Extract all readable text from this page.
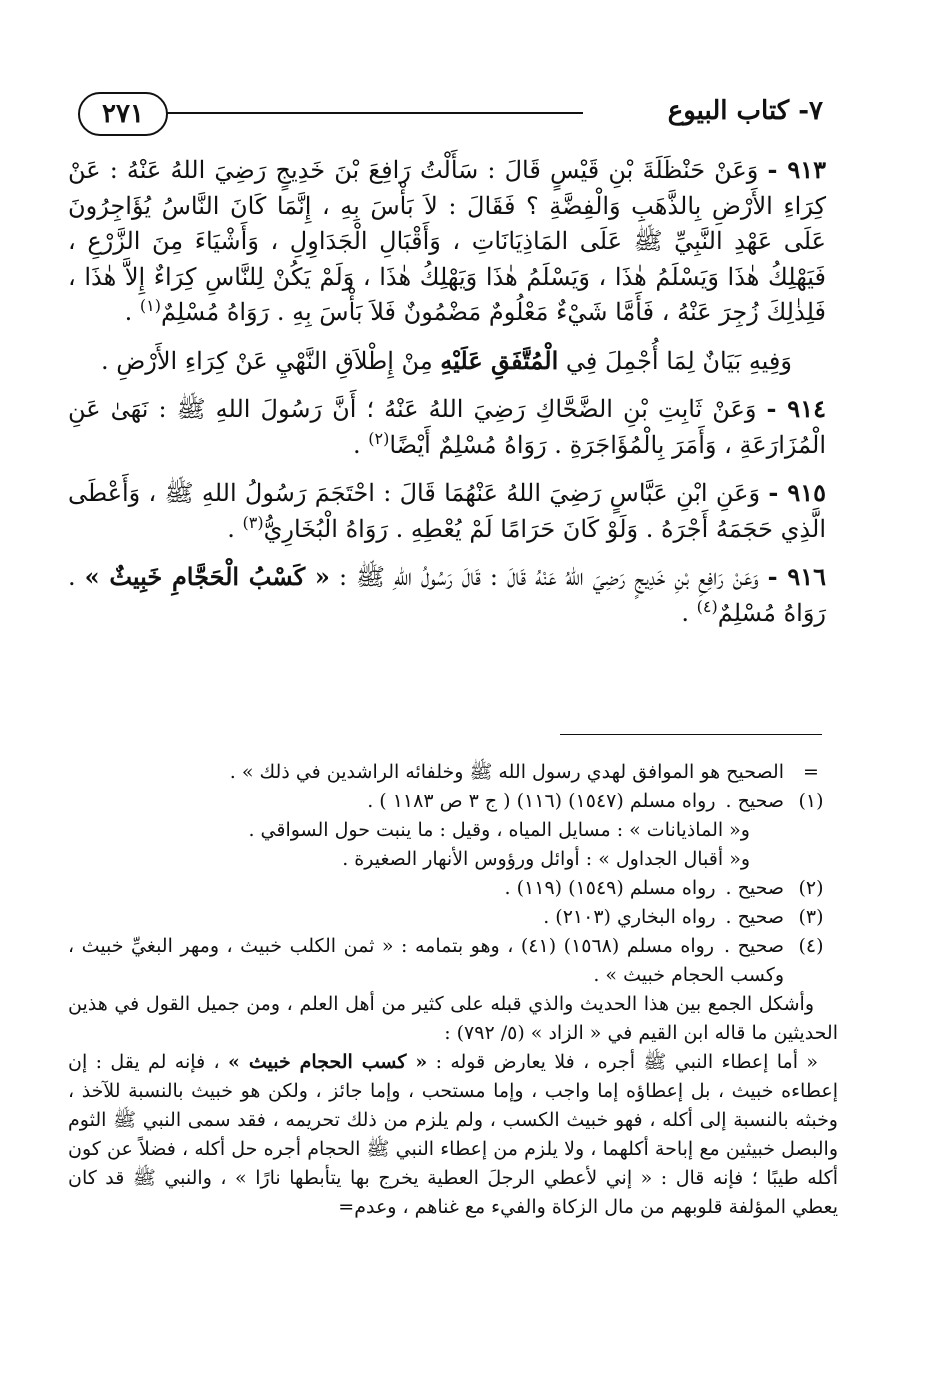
٧- كتاب البيوع
٢٧١

٩١٣ - وَعَنْ حَنْظَلَةَ بْنِ قَيْسٍ قَالَ : سَأَلْتُ رَافِعَ بْنَ خَدِيجٍ رَضِيَ اللهُ عَنْهُ : عَنْ كِرَاءِ الأَرْضِ بِالذَّهَبِ وَالْفِضَّةِ ؟ فَقَالَ : لاَ بَأْسَ بِهِ ، إِنَّمَا كَانَ النَّاسُ يُؤَاجِرُونَ عَلَى عَهْدِ النَّبِيِّ ﷺ عَلَى المَاذِيَانَاتِ ، وَأَقْبَالِ الْجَدَاوِلِ ، وَأَشْيَاءَ مِنَ الزَّرْعِ ، فَيَهْلِكُ هٰذَا وَيَسْلَمُ هٰذَا ، وَيَسْلَمُ هٰذَا وَيَهْلِكُ هٰذَا ، وَلَمْ يَكُنْ لِلنَّاسِ كِرَاءٌ إِلاَّ هٰذَا ، فَلِذٰلِكَ زُجِرَ عَنْهُ ، فَأَمَّا شَيْءٌ مَعْلُومٌ مَضْمُونٌ فَلاَ بَأْسَ بِهِ . رَوَاهُ مُسْلِمٌ$^{(١)}$ .

وَفِيهِ بَيَانٌ لِمَا أُجْمِلَ فِي الْمُتَّفَقِ عَلَيْهِ مِنْ إِطْلاَقِ النَّهْيِ عَنْ كِرَاءِ الأَرْضِ .

٩١٤ - وَعَنْ ثَابِتِ بْنِ الضَّحَّاكِ رَضِيَ اللهُ عَنْهُ ؛ أَنَّ رَسُولَ اللهِ ﷺ : نَهَىٰ عَنِ الْمُزَارَعَةِ ، وَأَمَرَ بِالْمُؤَاجَرَةِ . رَوَاهُ مُسْلِمٌ أَيْضًا$^{(٢)}$ .

٩١٥ - وَعَنِ ابْنِ عَبَّاسٍ رَضِيَ اللهُ عَنْهُمَا قَالَ : احْتَجَمَ رَسُولُ اللهِ ﷺ ، وَأَعْطَى الَّذِي حَجَمَهُ أَجْرَهُ . وَلَوْ كَانَ حَرَامًا لَمْ يُعْطِهِ . رَوَاهُ الْبُخَارِيُّ$^{(٣)}$ .

٩١٦ - وَعَنْ رَافِعِ بْنِ خَدِيجٍ رَضِيَ اللهُ عَنْهُ قَالَ : قَالَ رَسُولُ اللهِ ﷺ : « كَسْبُ الْحَجَّامِ خَبِيثٌ » . رَوَاهُ مُسْلِمٌ$^{(٤)}$ .

=
الصحيح هو الموافق لهدي رسول الله ﷺ وخلفائه الراشدين في ذلك » .
(١)
صحيح .رواه مسلم (١٥٤٧) (١١٦) ( ج ٣ ص ١١٨٣ ) .
و« الماذيانات » : مسايل المياه ، وقيل : ما ينبت حول السواقي .
و« أقبال الجداول » : أوائل ورؤوس الأنهار الصغيرة .
(٢)
صحيح .رواه مسلم (١٥٤٩) (١١٩) .
(٣)
صحيح .رواه البخاري (٢١٠٣) .
(٤)
صحيح .رواه مسلم (١٥٦٨) (٤١) ، وهو بتمامه : « ثمن الكلب خبيث ، ومهر البغيِّ خبيث ، وكسب الحجام خبيث » .
وأشكل الجمع بين هذا الحديث والذي قبله على كثير من أهل العلم ، ومن جميل القول في هذين الحديثين ما قاله ابن القيم في « الزاد » (٥/ ٧٩٢) :
« أما إعطاء النبي ﷺ أجره ، فلا يعارض قوله : « كسب الحجام خبيث » ، فإنه لم يقل : إن إعطاءه خبيث ، بل إعطاؤه إما واجب ، وإما مستحب ، وإما جائز ، ولكن هو خبيث بالنسبة للآخذ ، وخبثه بالنسبة إلى أكله ، فهو خبيث الكسب ، ولم يلزم من ذلك تحريمه ، فقد سمى النبي ﷺ الثوم والبصل خبيثين مع إباحة أكلهما ، ولا يلزم من إعطاء النبي ﷺ الحجام أجره حل أكله ، فضلاً عن كون أكله طيبًا ؛ فإنه قال : « إني لأعطي الرجلَ العطية يخرج بها يتأبطها نارًا » ، والنبي ﷺ قد كان يعطي المؤلفة قلوبهم من مال الزكاة والفيء مع غناهم ، وعدم=
